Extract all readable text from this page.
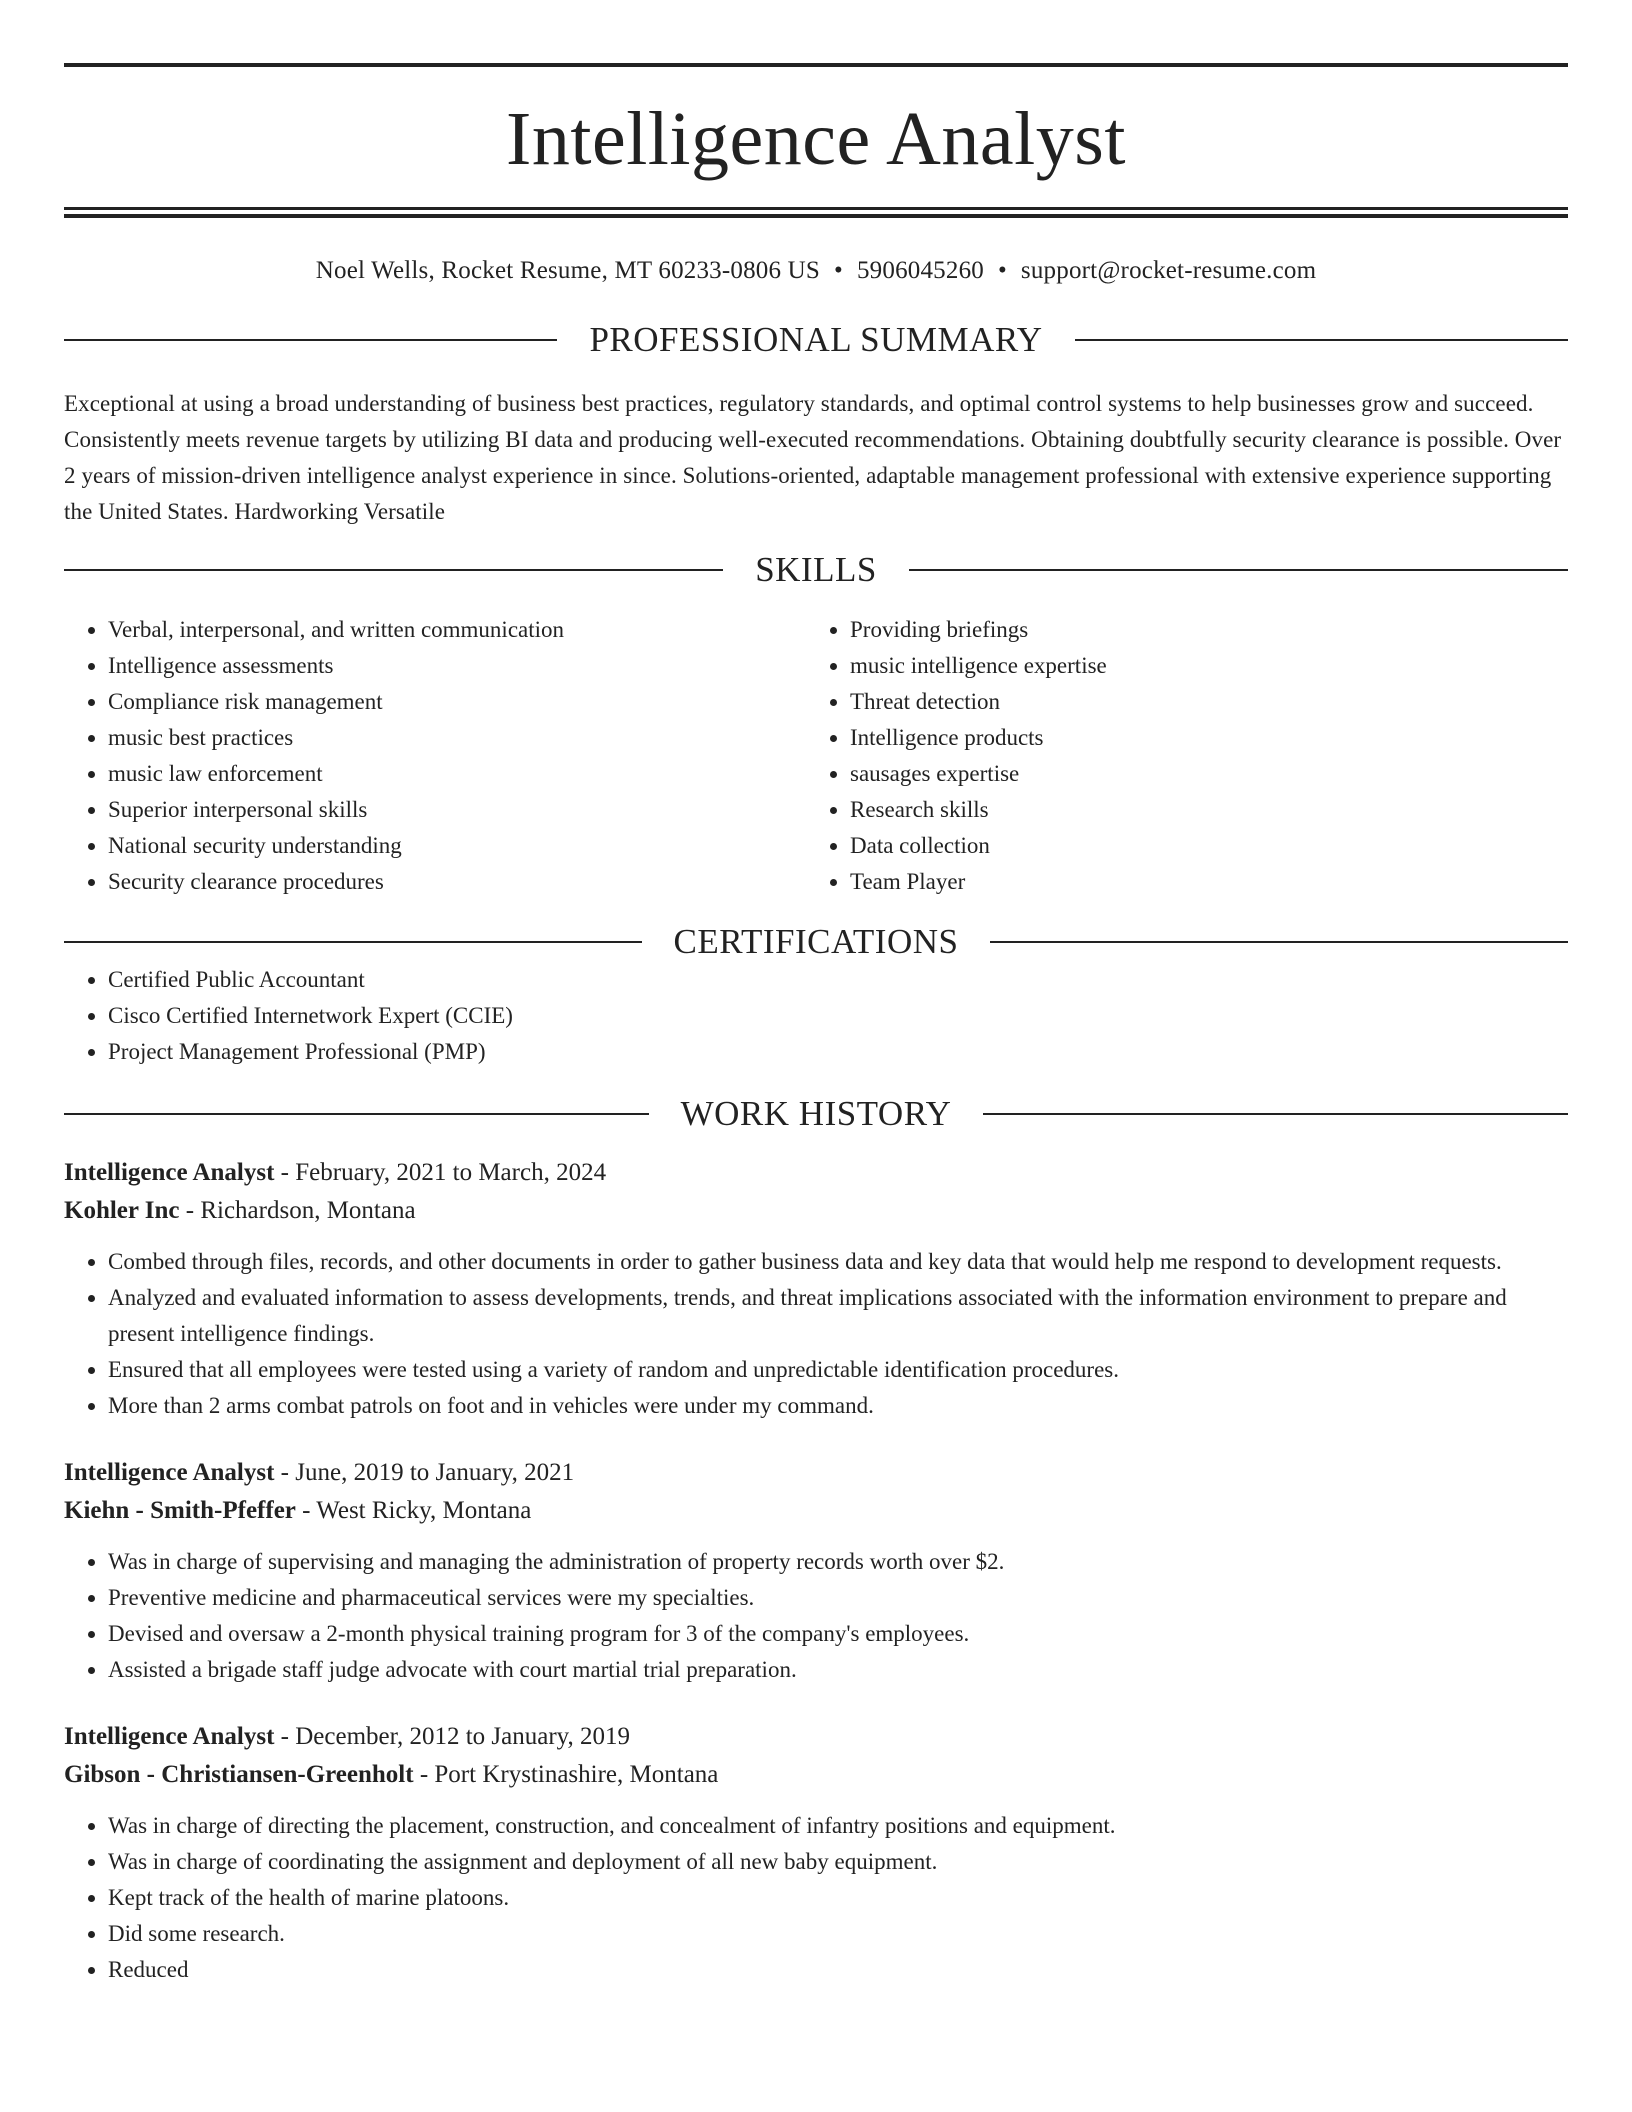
Intelligence Analyst
Noel Wells, Rocket Resume, MT 60233-0806 US • 5906045260 • support@rocket-resume.com
PROFESSIONAL SUMMARY
Exceptional at using a broad understanding of business best practices, regulatory standards, and optimal control systems to help businesses grow and succeed. Consistently meets revenue targets by utilizing BI data and producing well-executed recommendations. Obtaining doubtfully security clearance is possible. Over 2 years of mission-driven intelligence analyst experience in since. Solutions-oriented, adaptable management professional with extensive experience supporting the United States. Hardworking Versatile
SKILLS
• Verbal, interpersonal, and written communication
• Intelligence assessments
• Compliance risk management
• music best practices
• music law enforcement
• Superior interpersonal skills
• National security understanding
• Security clearance procedures
• Providing briefings
• music intelligence expertise
• Threat detection
• Intelligence products
• sausages expertise
• Research skills
• Data collection
• Team Player
CERTIFICATIONS
• Certified Public Accountant
• Cisco Certified Internetwork Expert (CCIE)
• Project Management Professional (PMP)
WORK HISTORY
Intelligence Analyst - February, 2021 to March, 2024
Kohler Inc - Richardson, Montana
• Combed through files, records, and other documents in order to gather business data and key data that would help me respond to development requests.
• Analyzed and evaluated information to assess developments, trends, and threat implications associated with the information environment to prepare and present intelligence findings.
• Ensured that all employees were tested using a variety of random and unpredictable identification procedures.
• More than 2 arms combat patrols on foot and in vehicles were under my command.
Intelligence Analyst - June, 2019 to January, 2021
Kiehn - Smith-Pfeffer - West Ricky, Montana
• Was in charge of supervising and managing the administration of property records worth over $2.
• Preventive medicine and pharmaceutical services were my specialties.
• Devised and oversaw a 2-month physical training program for 3 of the company's employees.
• Assisted a brigade staff judge advocate with court martial trial preparation.
Intelligence Analyst - December, 2012 to January, 2019
Gibson - Christiansen-Greenholt - Port Krystinashire, Montana
• Was in charge of directing the placement, construction, and concealment of infantry positions and equipment.
• Was in charge of coordinating the assignment and deployment of all new baby equipment.
• Kept track of the health of marine platoons.
• Did some research.
• Reduced
